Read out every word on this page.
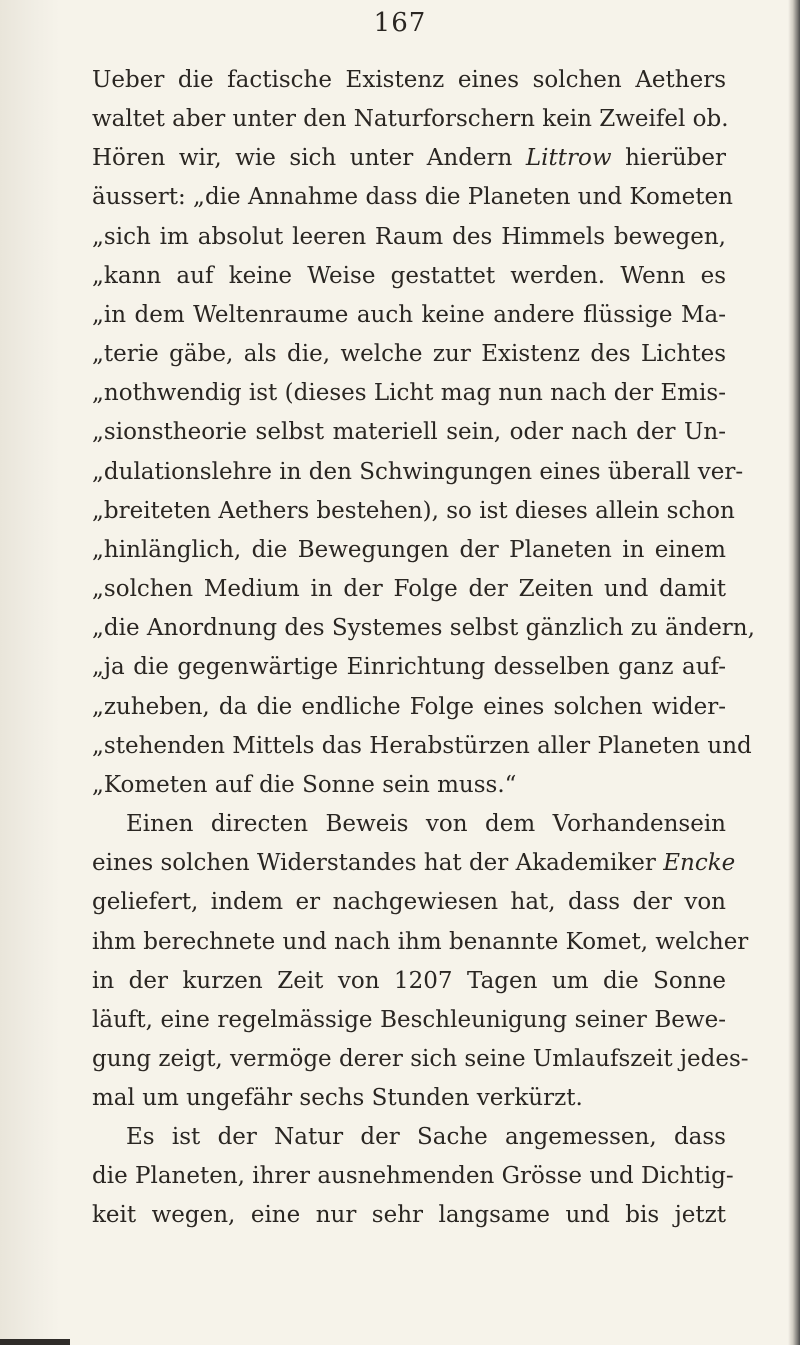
167
Ueber die factische Existenz eines solchen Aethers
waltet aber unter den Naturforschern kein Zweifel ob.
Hören wir, wie sich unter Andern Littrow hierüber
äussert: „die Annahme dass die Planeten und Kometen
„sich im absolut leeren Raum des Himmels bewegen,
„kann auf keine Weise gestattet werden. Wenn es
„in dem Weltenraume auch keine andere flüssige Ma-
„terie gäbe, als die, welche zur Existenz des Lichtes
„nothwendig ist (dieses Licht mag nun nach der Emis-
„sionstheorie selbst materiell sein, oder nach der Un-
„dulationslehre in den Schwingungen eines überall ver-
„breiteten Aethers bestehen), so ist dieses allein schon
„hinlänglich, die Bewegungen der Planeten in einem
„solchen Medium in der Folge der Zeiten und damit
„die Anordnung des Systemes selbst gänzlich zu ändern,
„ja die gegenwärtige Einrichtung desselben ganz auf-
„zuheben, da die endliche Folge eines solchen wider-
„stehenden Mittels das Herabstürzen aller Planeten und
„Kometen auf die Sonne sein muss.“
Einen directen Beweis von dem Vorhandensein
eines solchen Widerstandes hat der Akademiker Encke
geliefert, indem er nachgewiesen hat, dass der von
ihm berechnete und nach ihm benannte Komet, welcher
in der kurzen Zeit von 1207 Tagen um die Sonne
läuft, eine regelmässige Beschleunigung seiner Bewe-
gung zeigt, vermöge derer sich seine Umlaufszeit jedes-
mal um ungefähr sechs Stunden verkürzt.
Es ist der Natur der Sache angemessen, dass
die Planeten, ihrer ausnehmenden Grösse und Dichtig-
keit wegen, eine nur sehr langsame und bis jetzt
